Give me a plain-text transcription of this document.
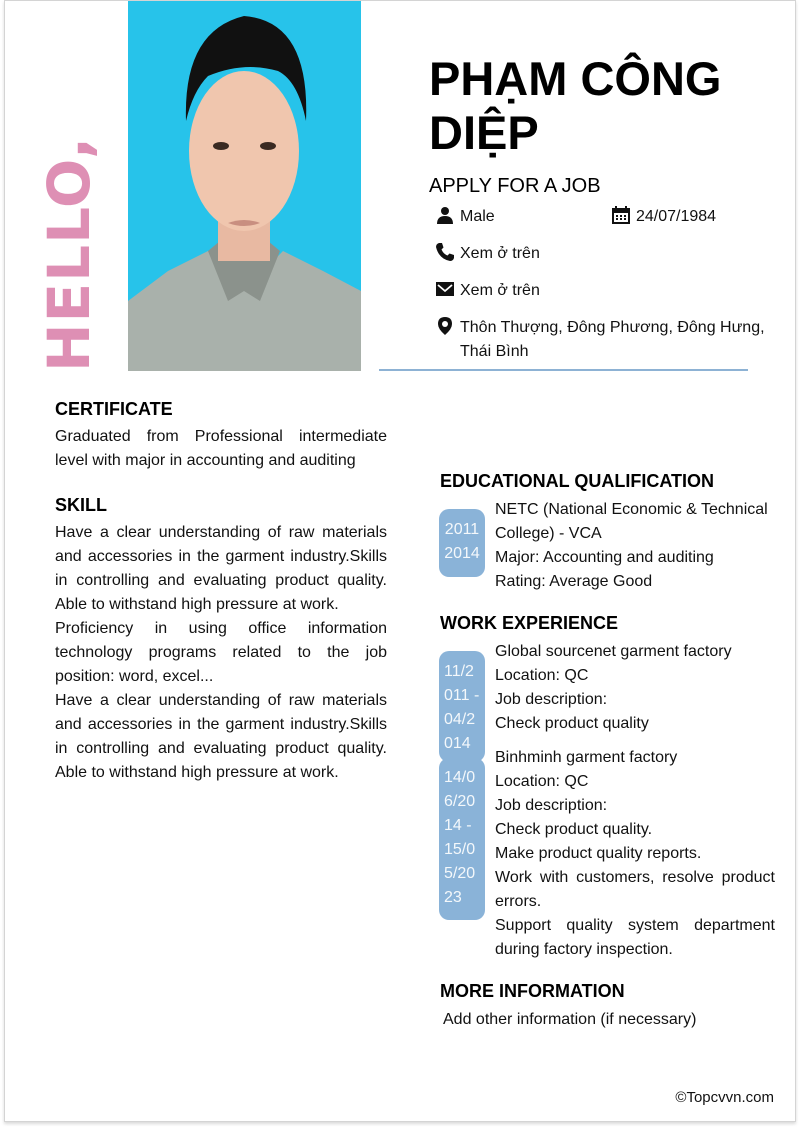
HELLO,
PHẠM CÔNG DIỆP
APPLY FOR A JOB
Male	24/07/1984
Xem ở trên
Xem ở trên
Thôn Thượng, Đông Phương, Đông Hưng, Thái Bình
CERTIFICATE

Graduated from Professional intermediate level with major in accounting and auditing

SKILL

Have a clear understanding of raw materials and accessories in the garment industry.Skills in controlling and evaluating product quality. Able to withstand high pressure at work.

Proficiency in using office information technology programs related to the job position: word, excel...

Have a clear understanding of raw materials and accessories in the garment industry.Skills in controlling and evaluating product quality. Able to withstand high pressure at work.

EDUCATIONAL QUALIFICATION
2011 2014
NETC (National Economic & Technical College) - VCA
Major: Accounting and auditing
Rating: Average Good
WORK EXPERIENCE
11/2011 - 04/2014
Global sourcenet garment factory
Location: QC
Job description:
Check product quality
14/06/2014 - 15/05/2023
Binhminh garment factory
Location: QC
Job description:
Check product quality.
Make product quality reports.
Work with customers, resolve product errors.
Support quality system department during factory inspection.
MORE INFORMATION
Add other information (if necessary)
©Topcvvn.com
